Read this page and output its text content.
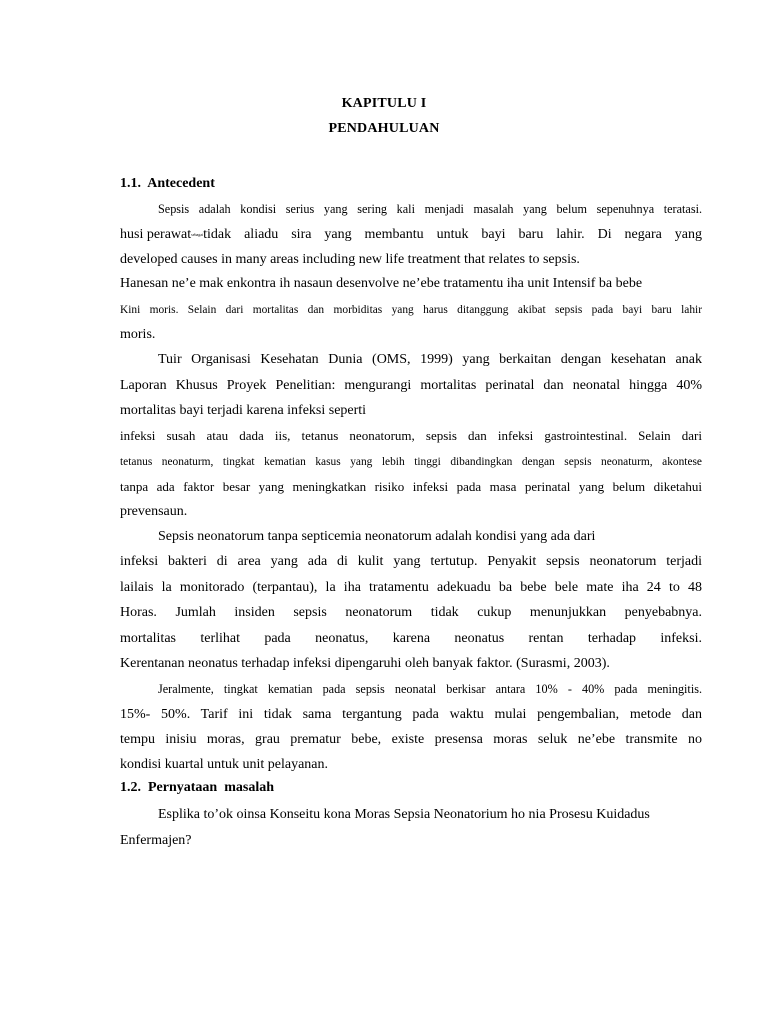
KAPITULU I
PENDAHULUAN
1.1.  Antecedent
Sepsis adalah kondisi serius yang sering kali menjadi masalah yang belum sepenuhnya teratasi.
husi perawat sebagai tidak aliadu sira yang membantu untuk bayi baru lahir. Di negara yang
developed causes in many areas including new life treatment that relates to sepsis.
Hanesan ne’e mak enkontra ih nasaun desenvolve ne’ebe tratamentu iha unit Intensif ba bebe
Kini moris. Selain dari mortalitas dan morbiditas yang harus ditanggung akibat sepsis pada bayi baru lahir
moris.
Tuir Organisasi Kesehatan Dunia (OMS, 1999) yang berkaitan dengan kesehatan anak
Laporan Khusus Proyek Penelitian: mengurangi mortalitas perinatal dan neonatal hingga 40%
mortalitas bayi terjadi karena infeksi seperti
infeksi susah atau dada iis, tetanus neonatorum, sepsis dan infeksi gastrointestinal. Selain dari
tetanus neonaturm, tingkat kematian kasus yang lebih tinggi dibandingkan dengan sepsis neonaturm, akontese
tanpa ada faktor besar yang meningkatkan risiko infeksi pada masa perinatal yang belum diketahui
prevensaun.
Sepsis neonatorum tanpa septicemia neonatorum adalah kondisi yang ada dari
infeksi bakteri di area yang ada di kulit yang tertutup. Penyakit sepsis neonatorum terjadi
lailais la monitorado (terpantau), la iha tratamentu adekuadu ba bebe bele mate iha 24 to 48
Horas. Jumlah insiden sepsis neonatorum tidak cukup menunjukkan penyebabnya.
mortalitas terlihat pada neonatus, karena neonatus rentan terhadap infeksi.
Kerentanan neonatus terhadap infeksi dipengaruhi oleh banyak faktor. (Surasmi, 2003).
Jeralmente, tingkat kematian pada sepsis neonatal berkisar antara 10% - 40% pada meningitis.
15%- 50%. Tarif ini tidak sama tergantung pada waktu mulai pengembalian, metode dan
tempu inisiu moras, grau prematur bebe, existe presensa moras seluk ne’ebe transmite no
kondisi kuartal untuk unit pelayanan.
1.2.  Pernyataan  masalah
Esplika to’ok oinsa Konseitu kona Moras Sepsia Neonatorium ho nia Prosesu Kuidadus
Enfermajen?
